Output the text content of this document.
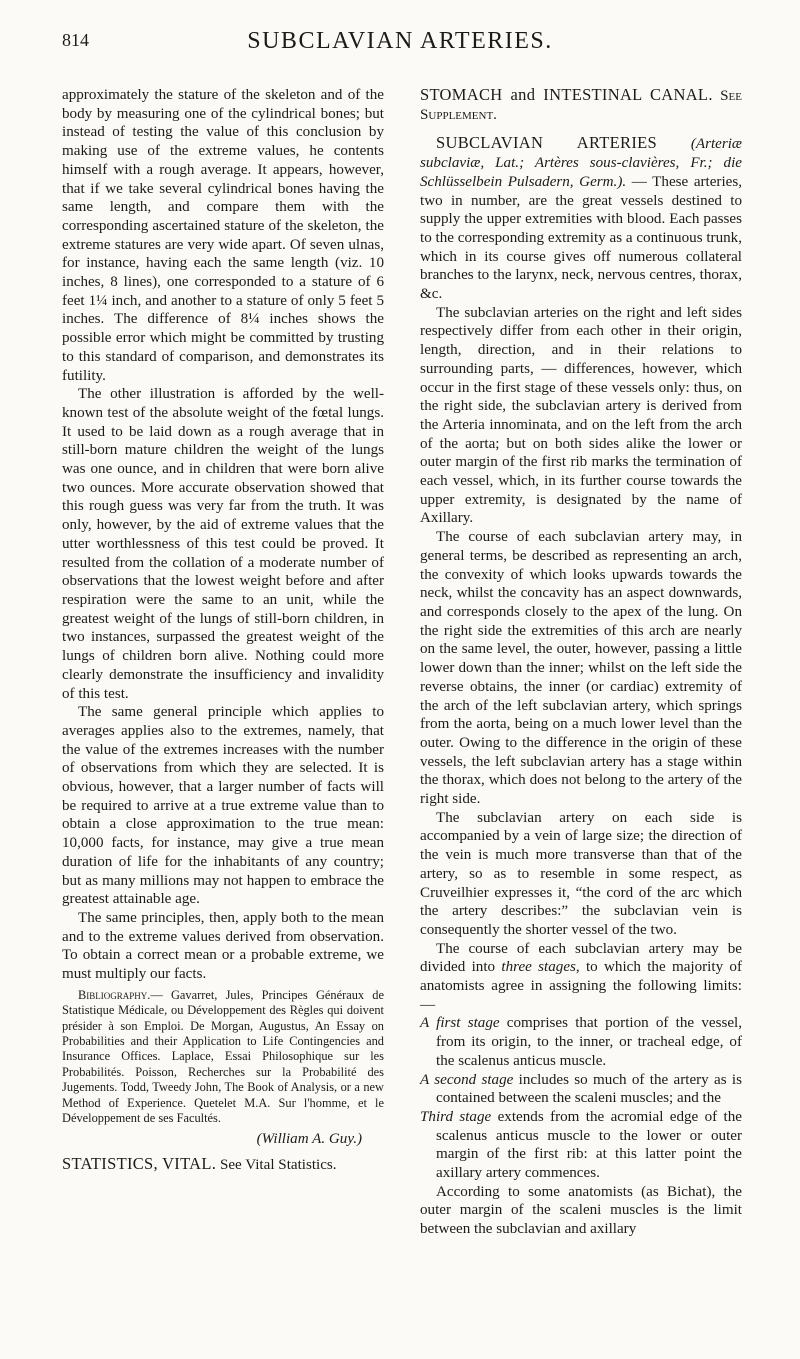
814	SUBCLAVIAN ARTERIES.

approximately the stature of the skeleton and of the body by measuring one of the cylindrical bones; but instead of testing the value of this conclusion by making use of the extreme values, he contents himself with a rough average. It appears, however, that if we take several cylindrical bones having the same length, and compare them with the corresponding ascertained stature of the skeleton, the extreme statures are very wide apart. Of seven ulnas, for instance, having each the same length (viz. 10 inches, 8 lines), one corresponded to a stature of 6 feet 1¼ inch, and another to a stature of only 5 feet 5 inches. The difference of 8¼ inches shows the possible error which might be committed by trusting to this standard of comparison, and demonstrates its futility.

The other illustration is afforded by the well-known test of the absolute weight of the fœtal lungs. It used to be laid down as a rough average that in still-born mature children the weight of the lungs was one ounce, and in children that were born alive two ounces. More accurate observation showed that this rough guess was very far from the truth. It was only, however, by the aid of extreme values that the utter worthlessness of this test could be proved. It resulted from the collation of a moderate number of observations that the lowest weight before and after respiration were the same to an unit, while the greatest weight of the lungs of still-born children, in two instances, surpassed the greatest weight of the lungs of children born alive. Nothing could more clearly demonstrate the insufficiency and invalidity of this test.

The same general principle which applies to averages applies also to the extremes, namely, that the value of the extremes increases with the number of observations from which they are selected. It is obvious, however, that a larger number of facts will be required to arrive at a true extreme value than to obtain a close approximation to the true mean: 10,000 facts, for instance, may give a true mean duration of life for the inhabitants of any country; but as many millions may not happen to embrace the greatest attainable age.

The same principles, then, apply both to the mean and to the extreme values derived from observation. To obtain a correct mean or a probable extreme, we must multiply our facts.

Bibliography.— Gavarret, Jules, Principes Généraux de Statistique Médicale, ou Développement des Règles qui doivent présider à son Emploi. De Morgan, Augustus, An Essay on Probabilities and their Application to Life Contingencies and Insurance Offices. Laplace, Essai Philosophique sur les Probabilités. Poisson, Recherches sur la Probabilité des Jugements. Todd, Tweedy John, The Book of Analysis, or a new Method of Experience. Quetelet M.A. Sur l'homme, et le Développement de ses Facultés.

(William A. Guy.)

STATISTICS, VITAL. See Vital Statistics.

STOMACH and INTESTINAL CANAL. See Supplement.

SUBCLAVIAN ARTERIES (Arteriæ subclaviæ, Lat.; Artères sous-clavières, Fr.; die Schlüsselbein Pulsadern, Germ.). — These arteries, two in number, are the great vessels destined to supply the upper extremities with blood. Each passes to the corresponding extremity as a continuous trunk, which in its course gives off numerous collateral branches to the larynx, neck, nervous centres, thorax, &c.

The subclavian arteries on the right and left sides respectively differ from each other in their origin, length, direction, and in their relations to surrounding parts, — differences, however, which occur in the first stage of these vessels only: thus, on the right side, the subclavian artery is derived from the Arteria innominata, and on the left from the arch of the aorta; but on both sides alike the lower or outer margin of the first rib marks the termination of each vessel, which, in its further course towards the upper extremity, is designated by the name of Axillary.

The course of each subclavian artery may, in general terms, be described as representing an arch, the convexity of which looks upwards towards the neck, whilst the concavity has an aspect downwards, and corresponds closely to the apex of the lung. On the right side the extremities of this arch are nearly on the same level, the outer, however, passing a little lower down than the inner; whilst on the left side the reverse obtains, the inner (or cardiac) extremity of the arch of the left subclavian artery, which springs from the aorta, being on a much lower level than the outer. Owing to the difference in the origin of these vessels, the left subclavian artery has a stage within the thorax, which does not belong to the artery of the right side.

The subclavian artery on each side is accompanied by a vein of large size; the direction of the vein is much more transverse than that of the artery, so as to resemble in some respect, as Cruveilhier expresses it, “the cord of the arc which the artery describes:” the subclavian vein is consequently the shorter vessel of the two.

The course of each subclavian artery may be divided into three stages, to which the majority of anatomists agree in assigning the following limits: —

A first stage comprises that portion of the vessel, from its origin, to the inner, or tracheal edge, of the scalenus anticus muscle.

A second stage includes so much of the artery as is contained between the scaleni muscles; and the

Third stage extends from the acromial edge of the scalenus anticus muscle to the lower or outer margin of the first rib: at this latter point the axillary artery commences.

According to some anatomists (as Bichat), the outer margin of the scaleni muscles is the limit between the subclavian and axillary
